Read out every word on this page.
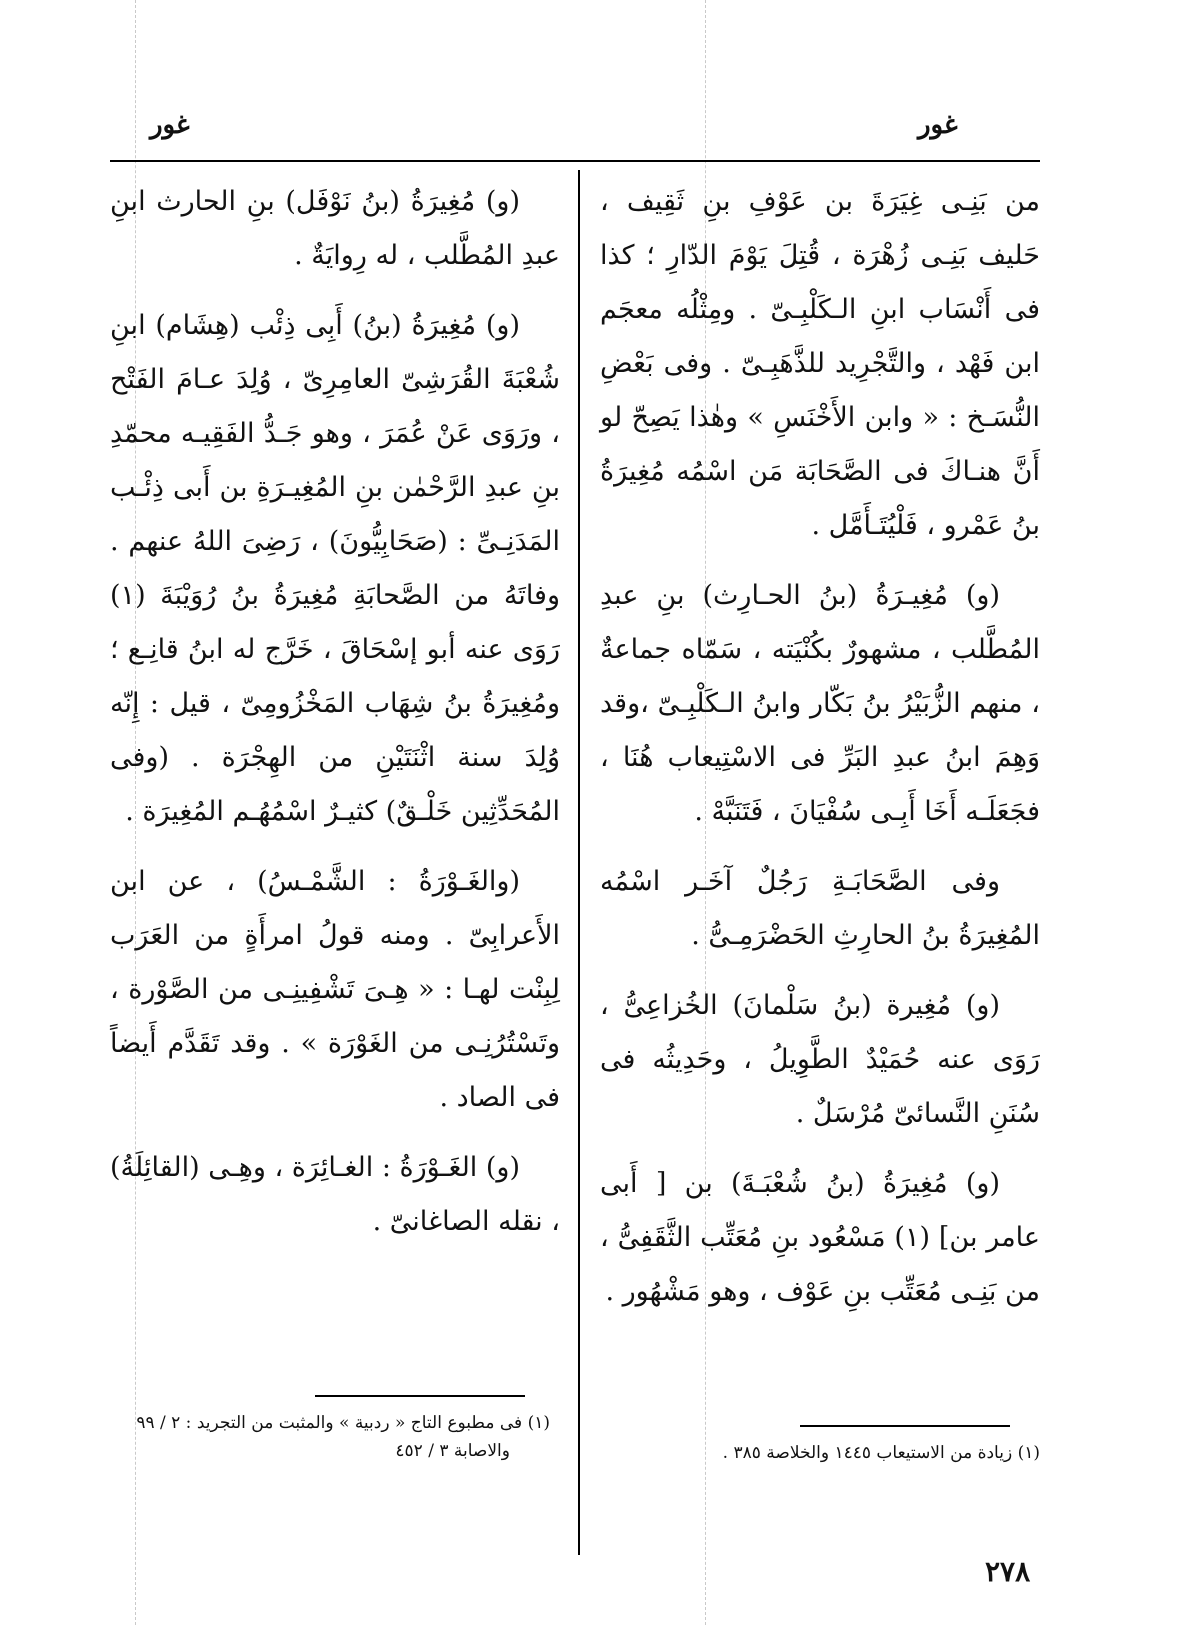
غور	غور

من بَنِـى غِيَرَةَ بن عَوْفِ بنِ ثَقِيف ، حَليف بَنِـى زُهْرَة ، قُتِلَ يَوْمَ الدّارِ ؛ كذا فى أَنْسَاب ابنِ الـكَلْبِـىّ . ومِثْلُه معجَم ابن فَهْد ، والتَّجْرِيد للذَّهَبِـىّ . وفى بَعْضِ النُّسَـخ : « وابن الأَخْنَسِ » وهٰذا يَصِحّ لو أَنَّ هنـاكَ فى الصَّحَابَة مَن اسْمُه مُغِيرَةُ بنُ عَمْرو ، فَلْيُتَـأَمَّل .

(و) مُغِيـرَةُ (بنُ الحـارِث) بنِ عبدِ المُطَّلب ، مشهورٌ بكُنْيَته ، سَمّاه جماعةٌ ، منهم الزُّبَيْرُ بنُ بَكّار وابنُ الـكَلْبِـىّ ،وقد وَهِمَ ابنُ عبدِ البَرِّ فى الاسْتِيعاب هُنَا ، فجَعَلَـه أَخَا أَبِـى سُفْيَانَ ، فَتَنَبَّهْ .

وفى الصَّحَابَـةِ رَجُلٌ آخَـر اسْمُه المُغِيرَةُ بنُ الحارِثِ الحَضْرَمِـىُّ .

(و) مُغِيرة (بنُ سَلْمانَ) الخُزاعِىُّ ، رَوَى عنه حُمَيْدٌ الطَّوِيلُ ، وحَدِيثُه فى سُنَنِ النَّسائىّ مُرْسَلٌ .

(و) مُغِيرَةُ (بنُ شُعْبَـةَ) بن [ أَبى عامر بن] (١) مَسْعُود بنِ مُعَتِّب الثَّقَفِىُّ ، من بَنِـى مُعَتِّب بنِ عَوْف ، وهو مَشْهُور .

(و) مُغِيرَةُ (بنُ نَوْفَل) بنِ الحارث ابنِ عبدِ المُطَّلب ، له رِوايَةٌ .

(و) مُغِيرَةُ (بنُ) أَبِى ذِئْب (هِشَام) ابنِ شُعْبَةَ القُرَشِىّ العامِرِىّ ، وُلِدَ عـامَ الفَتْح ، ورَوَى عَنْ عُمَرَ ، وهو جَـدُّ الفَقِيـه محمّدِ بنِ عبدِ الرَّحْمٰن بنِ المُغِيـرَةِ بن أَبى ذِئْـب المَدَنِـىِّ : (صَحَابِيُّونَ) ، رَضِىَ اللهُ عنهم . وفاتَهُ من الصَّحابَةِ مُغِيرَةُ بنُ رُوَيْبَةَ (١) رَوَى عنه أبو إسْحَاقَ ، خَرَّج له ابنُ قانِـع ؛ ومُغِيرَةُ بنُ شِهَاب المَخْزُومِىّ ، قيل : إِنّه وُلِدَ سنة اثْنَتَيْنِ من الهِجْرَة . (وفى المُحَدِّثِين خَلْـقٌ) كثيـرٌ اسْمُهُـم المُغِيرَة .

(والغَـوْرَةُ : الشَّمْـسُ) ، عن ابن الأَعرابِىّ . ومنه قولُ امرأَةٍ من العَرَب لِبِنْت لهـا : « هِـىَ تَشْفِينِـى من الصَّوْرة ، وتَسْتُرُنِـى من الغَوْرَة » . وقد تَقَدَّم أَيضاً فى الصاد .

(و) الغَـوْرَةُ : الغـائِرَة ، وهِـى (القائِلَةُ) ، نقله الصاغانىّ .

(١) زيادة من الاستيعاب ١٤٤٥ والخلاصة ٣٨٥ .
(١) فى مطبوع التاج « ردبية » والمثبت من التجريد : ٢ / ٩٩
والاصابة ٣ / ٤٥٢
٢٧٨
